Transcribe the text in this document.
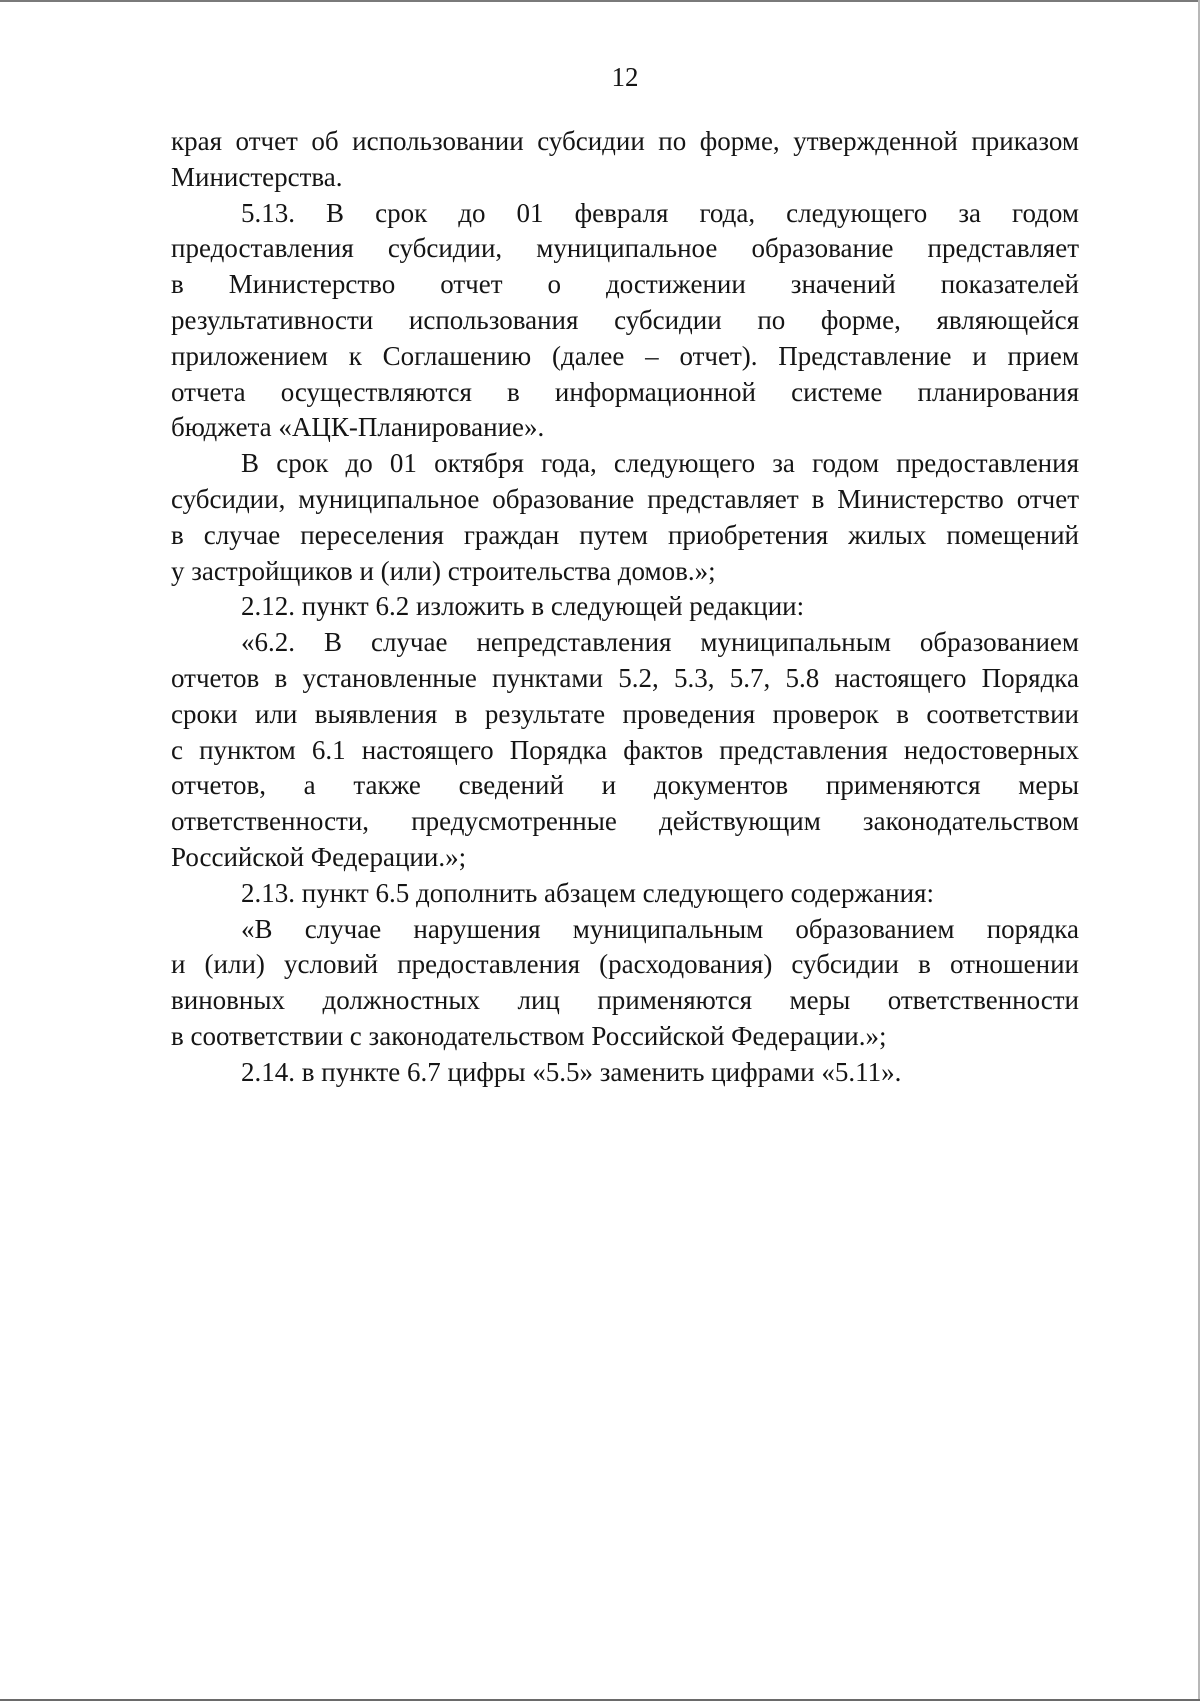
12
края отчет об использовании субсидии по форме, утвержденной приказом
Министерства.
5.13. В срок до 01 февраля года, следующего за годом
предоставления субсидии, муниципальное образование представляет
в Министерство отчет о достижении значений показателей
результативности использования субсидии по форме, являющейся
приложением к Соглашению (далее – отчет). Представление и прием
отчета осуществляются в информационной системе планирования
бюджета «АЦК-Планирование».
В срок до 01 октября года, следующего за годом предоставления
субсидии, муниципальное образование представляет в Министерство отчет
в случае переселения граждан путем приобретения жилых помещений
у застройщиков и (или) строительства домов.»;
2.12. пункт 6.2 изложить в следующей редакции:
«6.2. В случае непредставления муниципальным образованием
отчетов в установленные пунктами 5.2, 5.3, 5.7, 5.8 настоящего Порядка
сроки или выявления в результате проведения проверок в соответствии
с пунктом 6.1 настоящего Порядка фактов представления недостоверных
отчетов, а также сведений и документов применяются меры
ответственности, предусмотренные действующим законодательством
Российской Федерации.»;
2.13. пункт 6.5 дополнить абзацем следующего содержания:
«В случае нарушения муниципальным образованием порядка
и (или) условий предоставления (расходования) субсидии в отношении
виновных должностных лиц применяются меры ответственности
в соответствии с законодательством Российской Федерации.»;
2.14. в пункте 6.7 цифры «5.5» заменить цифрами «5.11».
